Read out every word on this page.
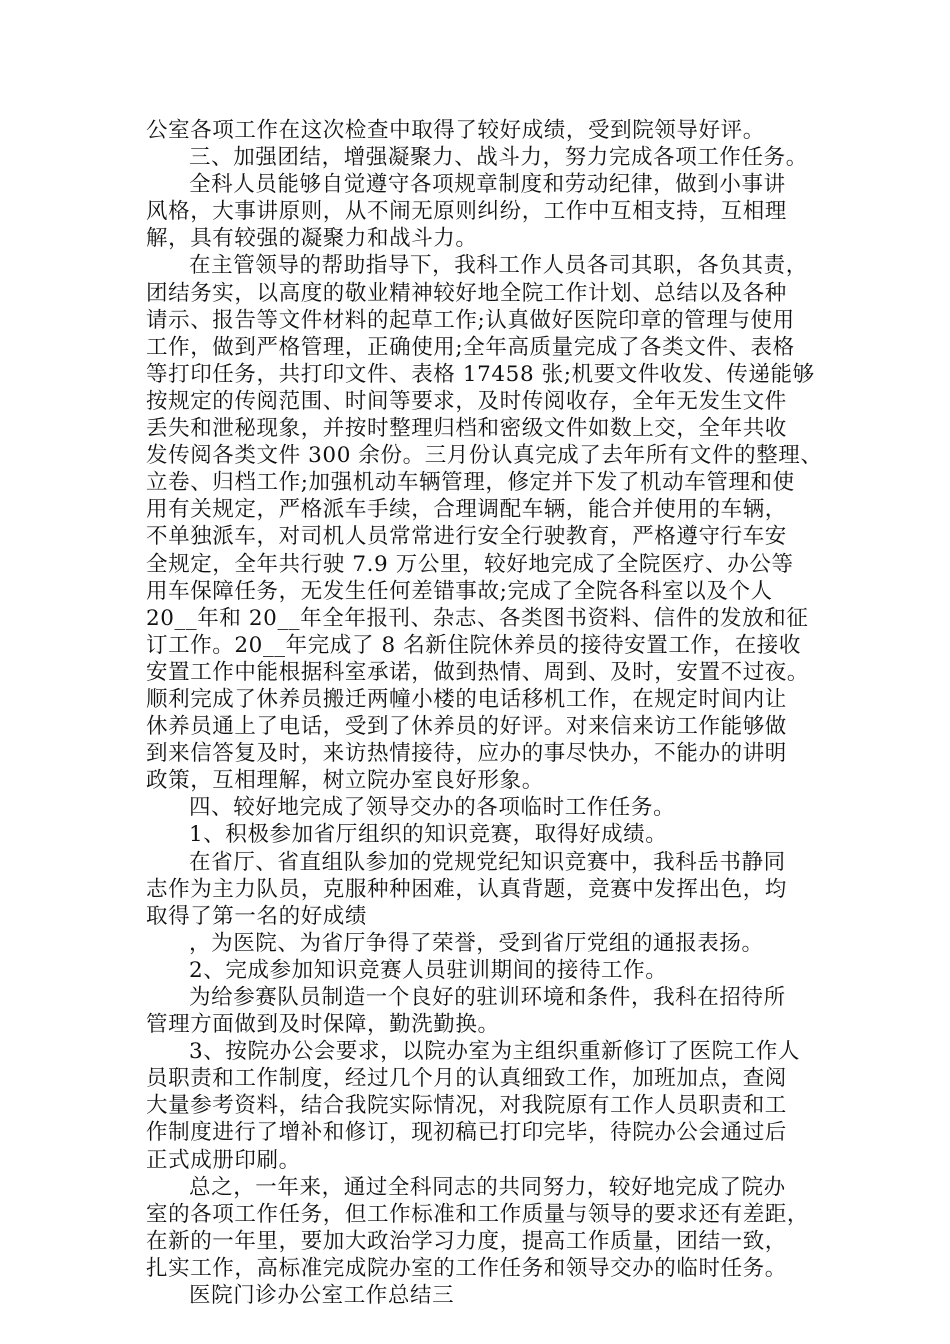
公室各项工作在这次检查中取得了较好成绩，受到院领导好评。
三、加强团结，增强凝聚力、战斗力，努力完成各项工作任务。
全科人员能够自觉遵守各项规章制度和劳动纪律，做到小事讲
风格，大事讲原则，从不闹无原则纠纷，工作中互相支持，互相理
解，具有较强的凝聚力和战斗力。
在主管领导的帮助指导下，我科工作人员各司其职，各负其责，
团结务实，以高度的敬业精神较好地全院工作计划、总结以及各种
请示、报告等文件材料的起草工作;认真做好医院印章的管理与使用
工作，做到严格管理，正确使用;全年高质量完成了各类文件、表格
等打印任务，共打印文件、表格 17458 张;机要文件收发、传递能够
按规定的传阅范围、时间等要求，及时传阅收存，全年无发生文件
丢失和泄秘现象，并按时整理归档和密级文件如数上交，全年共收
发传阅各类文件 300 余份。三月份认真完成了去年所有文件的整理、
立卷、归档工作;加强机动车辆管理，修定并下发了机动车管理和使
用有关规定，严格派车手续，合理调配车辆，能合并使用的车辆，
不单独派车，对司机人员常常进行安全行驶教育，严格遵守行车安
全规定，全年共行驶 7.9 万公里，较好地完成了全院医疗、办公等
用车保障任务，无发生任何差错事故;完成了全院各科室以及个人
20__年和 20__年全年报刊、杂志、各类图书资料、信件的发放和征
订工作。20__年完成了 8 名新住院休养员的接待安置工作，在接收
安置工作中能根据科室承诺，做到热情、周到、及时，安置不过夜。
顺利完成了休养员搬迁两幢小楼的电话移机工作，在规定时间内让
休养员通上了电话，受到了休养员的好评。对来信来访工作能够做
到来信答复及时，来访热情接待，应办的事尽快办，不能办的讲明
政策，互相理解，树立院办室良好形象。
四、较好地完成了领导交办的各项临时工作任务。
1、积极参加省厅组织的知识竞赛，取得好成绩。
在省厅、省直组队参加的党规党纪知识竞赛中，我科岳书静同
志作为主力队员，克服种种困难，认真背题，竞赛中发挥出色，均
取得了第一名的好成绩
，为医院、为省厅争得了荣誉，受到省厅党组的通报表扬。
2、完成参加知识竞赛人员驻训期间的接待工作。
为给参赛队员制造一个良好的驻训环境和条件，我科在招待所
管理方面做到及时保障，勤洗勤换。
3、按院办公会要求，以院办室为主组织重新修订了医院工作人
员职责和工作制度，经过几个月的认真细致工作，加班加点，查阅
大量参考资料，结合我院实际情况，对我院原有工作人员职责和工
作制度进行了增补和修订，现初稿已打印完毕，待院办公会通过后
正式成册印刷。
总之，一年来，通过全科同志的共同努力，较好地完成了院办
室的各项工作任务，但工作标准和工作质量与领导的要求还有差距，
在新的一年里，要加大政治学习力度，提高工作质量，团结一致，
扎实工作，高标准完成院办室的工作任务和领导交办的临时任务。
医院门诊办公室工作总结三
